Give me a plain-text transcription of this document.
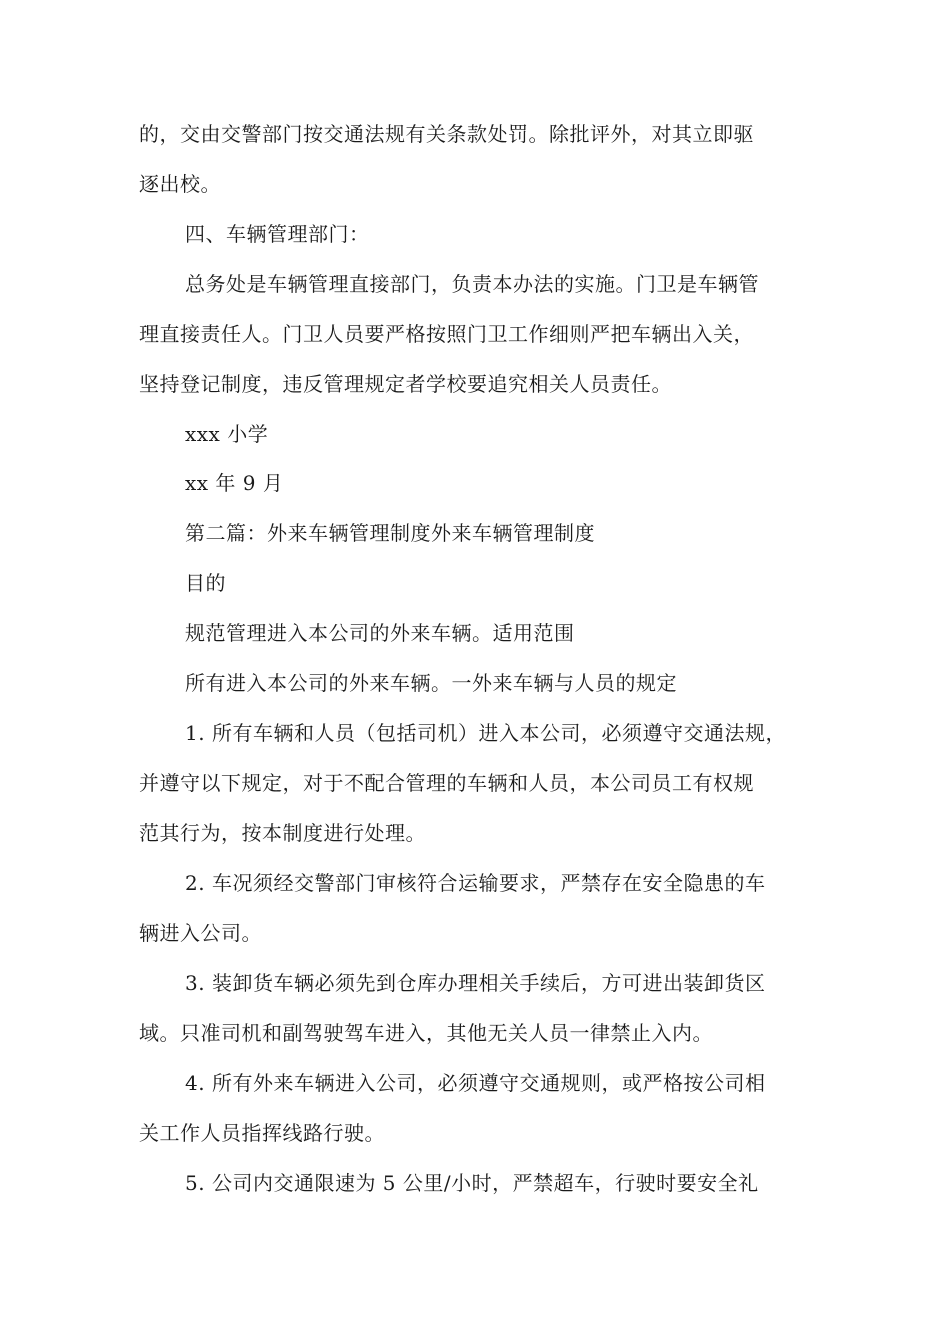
的，交由交警部门按交通法规有关条款处罚。除批评外，对其立即驱
逐出校。
四、车辆管理部门：
总务处是车辆管理直接部门，负责本办法的实施。门卫是车辆管
理直接责任人。门卫人员要严格按照门卫工作细则严把车辆出入关，
坚持登记制度，违反管理规定者学校要追究相关人员责任。
xxx 小学
xx 年 9 月
第二篇：外来车辆管理制度外来车辆管理制度
目的
规范管理进入本公司的外来车辆。适用范围
所有进入本公司的外来车辆。一外来车辆与人员的规定
1. 所有车辆和人员（包括司机）进入本公司，必须遵守交通法规，
并遵守以下规定，对于不配合管理的车辆和人员，本公司员工有权规
范其行为，按本制度进行处理。
2. 车况须经交警部门审核符合运输要求，严禁存在安全隐患的车
辆进入公司。
3. 装卸货车辆必须先到仓库办理相关手续后，方可进出装卸货区
域。只准司机和副驾驶驾车进入，其他无关人员一律禁止入内。
4. 所有外来车辆进入公司，必须遵守交通规则，或严格按公司相
关工作人员指挥线路行驶。
5. 公司内交通限速为 5 公里/小时，严禁超车，行驶时要安全礼
